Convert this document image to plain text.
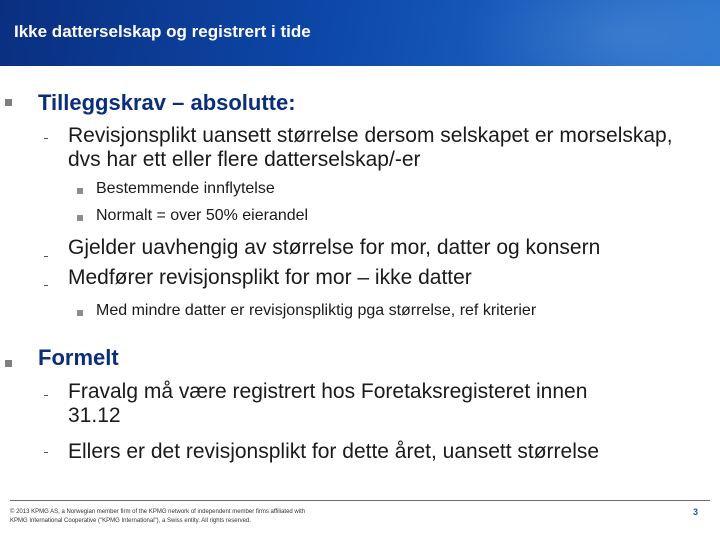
Ikke datterselskap og registrert i tide
Tilleggskrav – absolutte:
Revisjonsplikt uansett størrelse dersom selskapet er morselskap, dvs har ett eller flere datterselskap/-er
Bestemmende innflytelse
Normalt = over 50% eierandel
Gjelder uavhengig av størrelse for mor, datter og konsern
Medfører revisjonsplikt for mor – ikke datter
Med mindre datter er revisjonspliktig pga størrelse, ref kriterier
Formelt
Fravalg må være registrert hos Foretaksregisteret innen 31.12
Ellers er det revisjonsplikt for dette året, uansett størrelse
© 2013 KPMG AS, a Norwegian member firm of the KPMG network of independent member firms affiliated with
KPMG International Cooperative ("KPMG International"), a Swiss entity. All rights reserved.
3
